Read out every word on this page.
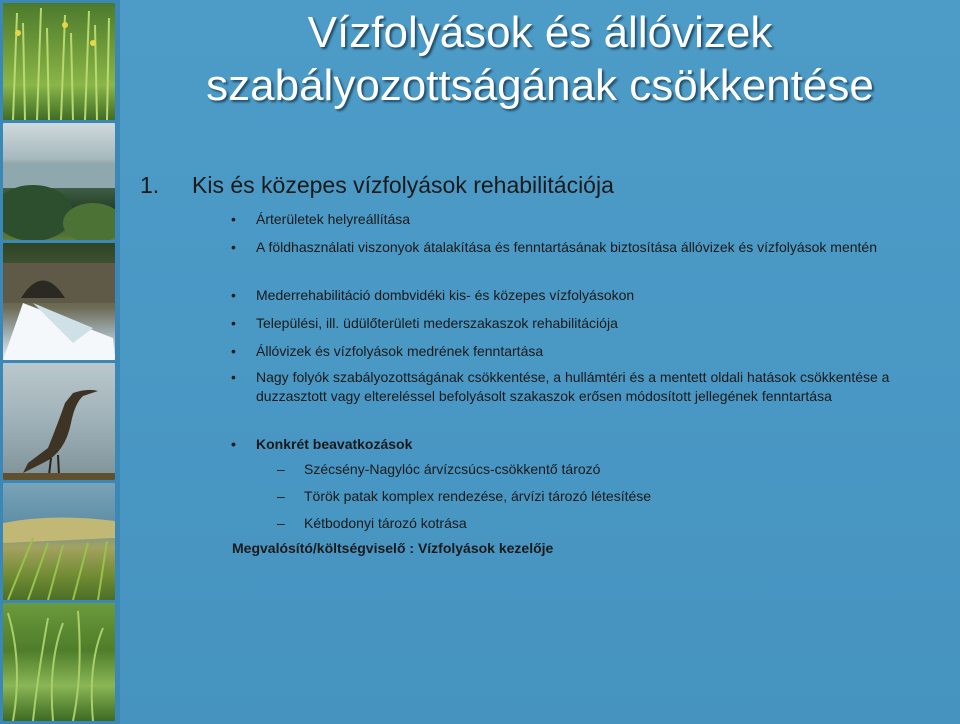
Vízfolyások és állóvizek
szabályozottságának csökkentése
1. Kis és közepes vízfolyások rehabilitációja
• Árterületek helyreállítása
• A földhasználati viszonyok átalakítása és fenntartásának biztosítása állóvizek és vízfolyások mentén
• Mederrehabilitáció dombvidéki kis- és közepes vízfolyásokon
• Települési, ill. üdülőterületi mederszakaszok rehabilitációja
• Állóvizek és vízfolyások medrének fenntartása
• Nagy folyók szabályozottságának csökkentése, a hullámtéri és a mentett oldali hatások csökkentése a duzzasztott vagy eltereléssel befolyásolt szakaszok erősen módosított jellegének fenntartása
• Konkrét beavatkozások
– Szécsény-Nagylóc árvízcsúcs-csökkentő tározó
– Török patak komplex rendezése, árvízi tározó létesítése
– Kétbodonyi tározó kotrása
Megvalósító/költségviselő : Vízfolyások kezelője
